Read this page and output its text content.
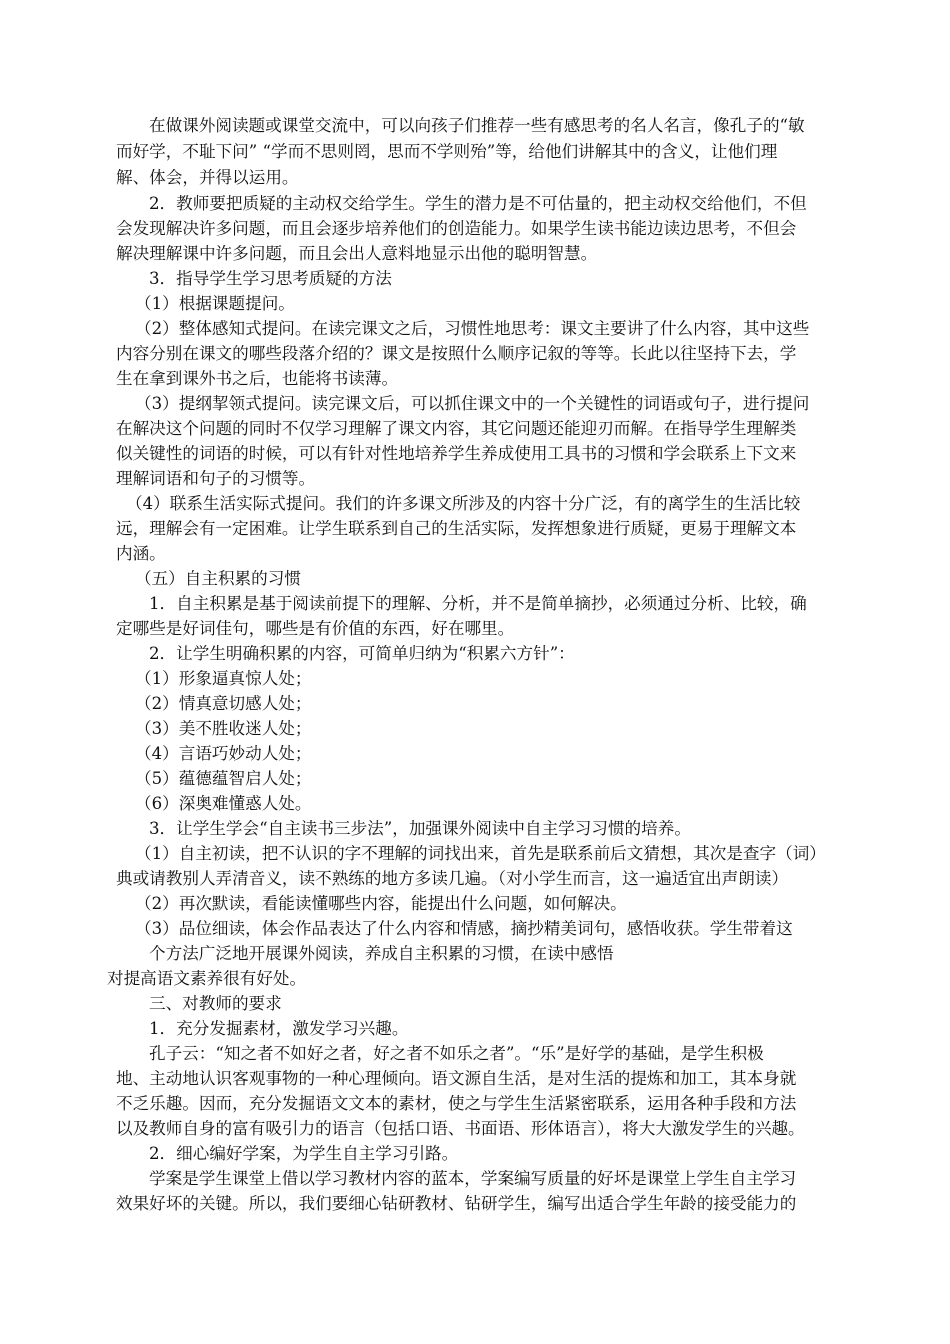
在做课外阅读题或课堂交流中，可以向孩子们推荐一些有感思考的名人名言，像孔子的“敏
而好学，不耻下问” “学而不思则罔，思而不学则殆”等，给他们讲解其中的含义，让他们理
解、体会，并得以运用。
2．教师要把质疑的主动权交给学生。学生的潜力是不可估量的，把主动权交给他们，不但
会发现解决许多问题，而且会逐步培养他们的创造能力。如果学生读书能边读边思考，不但会
解决理解课中许多问题，而且会出人意料地显示出他的聪明智慧。
3．指导学生学习思考质疑的方法
（1）根据课题提问。
（2）整体感知式提问。在读完课文之后，习惯性地思考：课文主要讲了什么内容，其中这些
内容分别在课文的哪些段落介绍的？课文是按照什么顺序记叙的等等。长此以往坚持下去，学
生在拿到课外书之后，也能将书读薄。
（3）提纲挈领式提问。读完课文后，可以抓住课文中的一个关键性的词语或句子，进行提问
在解决这个问题的同时不仅学习理解了课文内容，其它问题还能迎刃而解。在指导学生理解类
似关键性的词语的时候，可以有针对性地培养学生养成使用工具书的习惯和学会联系上下文来
理解词语和句子的习惯等。
（4）联系生活实际式提问。我们的许多课文所涉及的内容十分广泛，有的离学生的生活比较
远，理解会有一定困难。让学生联系到自己的生活实际，发挥想象进行质疑，更易于理解文本
内涵。
（五）自主积累的习惯
1．自主积累是基于阅读前提下的理解、分析，并不是简单摘抄，必须通过分析、比较，确
定哪些是好词佳句，哪些是有价值的东西，好在哪里。
2．让学生明确积累的内容，可简单归纳为“积累六方针”：
（1）形象逼真惊人处；
（2）情真意切感人处；
（3）美不胜收迷人处；
（4）言语巧妙动人处；
（5）蕴德蕴智启人处；
（6）深奥难懂惑人处。
3．让学生学会“自主读书三步法”，加强课外阅读中自主学习习惯的培养。
（1）自主初读，把不认识的字不理解的词找出来，首先是联系前后文猜想，其次是查字（词）
典或请教别人弄清音义，读不熟练的地方多读几遍。（对小学生而言，这一遍适宜出声朗读）
（2）再次默读，看能读懂哪些内容，能提出什么问题，如何解决。
（3）品位细读，体会作品表达了什么内容和情感，摘抄精美词句，感悟收获。学生带着这
个方法广泛地开展课外阅读，养成自主积累的习惯，在读中感悟
对提高语文素养很有好处。
三、对教师的要求
1．充分发掘素材，激发学习兴趣。
孔子云：“知之者不如好之者，好之者不如乐之者”。“乐”是好学的基础，是学生积极
地、主动地认识客观事物的一种心理倾向。语文源自生活，是对生活的提炼和加工，其本身就
不乏乐趣。因而，充分发掘语文文本的素材，使之与学生生活紧密联系，运用各种手段和方法
以及教师自身的富有吸引力的语言（包括口语、书面语、形体语言），将大大激发学生的兴趣。
2．细心编好学案，为学生自主学习引路。
学案是学生课堂上借以学习教材内容的蓝本，学案编写质量的好坏是课堂上学生自主学习
效果好坏的关键。所以，我们要细心钻研教材、钻研学生，编写出适合学生年龄的接受能力的
